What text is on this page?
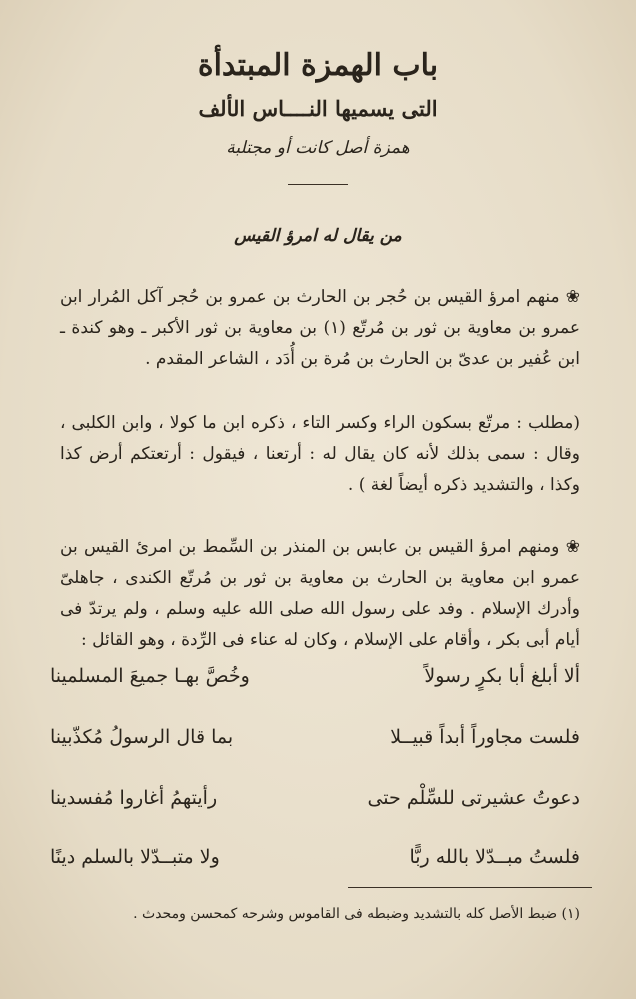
باب الهمزة المبتدأة
التى يسميها النــــاس الألف
همزة أصل كانت أو مجتلبة
من يقال له امرؤ القيس
❀ منهم امرؤ القيس بن حُجر بن الحارث بن عمرو بن حُجر آكل المُرار ابن عمرو بن معاوية بن ثور بن مُرتّع (١) بن معاوية بن ثور الأكبر ـ وهو كندة ـ ابن عُفير بن عدىّ بن الحارث بن مُرة بن أُدَد ، الشاعر المقدم .
(مطلب : مرتّع بسكون الراء وكسر التاء ، ذكره ابن ما كولا ، وابن الكلبى ، وقال : سمى بذلك لأنه كان يقال له : أرتعنا ، فيقول : أرتعتكم أرض كذا وكذا ، والتشديد ذكره أيضاً لغة ) .
❀ ومنهم امرؤ القيس بن عابس بن المنذر بن السِّمط بن امرئ القيس بن عمرو ابن معاوية بن الحارث بن معاوية بن ثور بن مُرتّع الكندى ، جاهلىّ وأدرك الإسلام . وفد على رسول الله صلى الله عليه وسلم ، ولم يرتدّ فى أيام أبى بكر ، وأقام على الإسلام ، وكان له عناء فى الرِّدة ، وهو القائل :
ألا أبلغ أبا بكرٍ رسولاً
وخُصَّ بهـا جميعَ المسلمينا
فلست مجاوراً أبداً قبيــلا
بما قال الرسولُ مُكذّبينا
دعوتُ عشيرتى للسِّلْم حتى
رأيتهمُ أغاروا مُفسدينا
فلستُ مبــدّلا بالله ربًّا
ولا متبــدّلا بالسلم دينًا
(١) ضبط الأصل كله بالتشديد وضبطه فى القاموس وشرحه كمحسن ومحدث .
